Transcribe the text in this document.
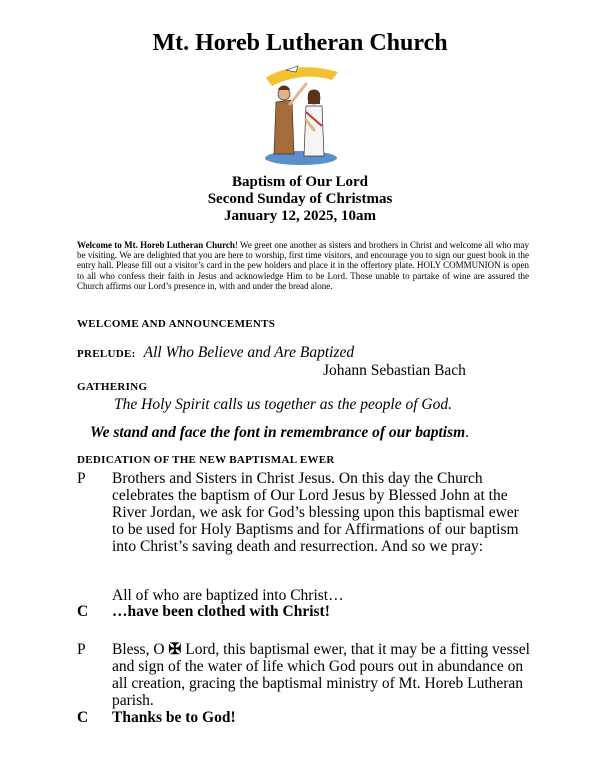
Mt. Horeb Lutheran Church
Baptism of Our Lord
Second Sunday of Christmas
January 12, 2025, 10am
Welcome to Mt. Horeb Lutheran Church! We greet one another as sisters and brothers in Christ and welcome all who may be visiting. We are delighted that you are here to worship, first time visitors, and encourage you to sign our guest book in the entry hall. Please fill out a visitor’s card in the pew holders and place it in the offertory plate. HOLY COMMUNION is open to all who confess their faith in Jesus and acknowledge Him to be Lord. Those unable to partake of wine are assured the Church affirms our Lord’s presence in, with and under the bread alone.
WELCOME AND ANNOUNCEMENTS
PRELUDE: All Who Believe and Are Baptized
Johann Sebastian Bach
GATHERING
The Holy Spirit calls us together as the people of God.
We stand and face the font in remembrance of our baptism.
DEDICATION OF THE NEW BAPTISMAL EWER
P Brothers and Sisters in Christ Jesus. On this day the Church celebrates the baptism of Our Lord Jesus by Blessed John at the River Jordan, we ask for God’s blessing upon this baptismal ewer to be used for Holy Baptisms and for Affirmations of our baptism into Christ’s saving death and resurrection. And so we pray:
All of who are baptized into Christ…
C …have been clothed with Christ!
P Bless, O ✠ Lord, this baptismal ewer, that it may be a fitting vessel and sign of the water of life which God pours out in abundance on all creation, gracing the baptismal ministry of Mt. Horeb Lutheran parish.
C Thanks be to God!
